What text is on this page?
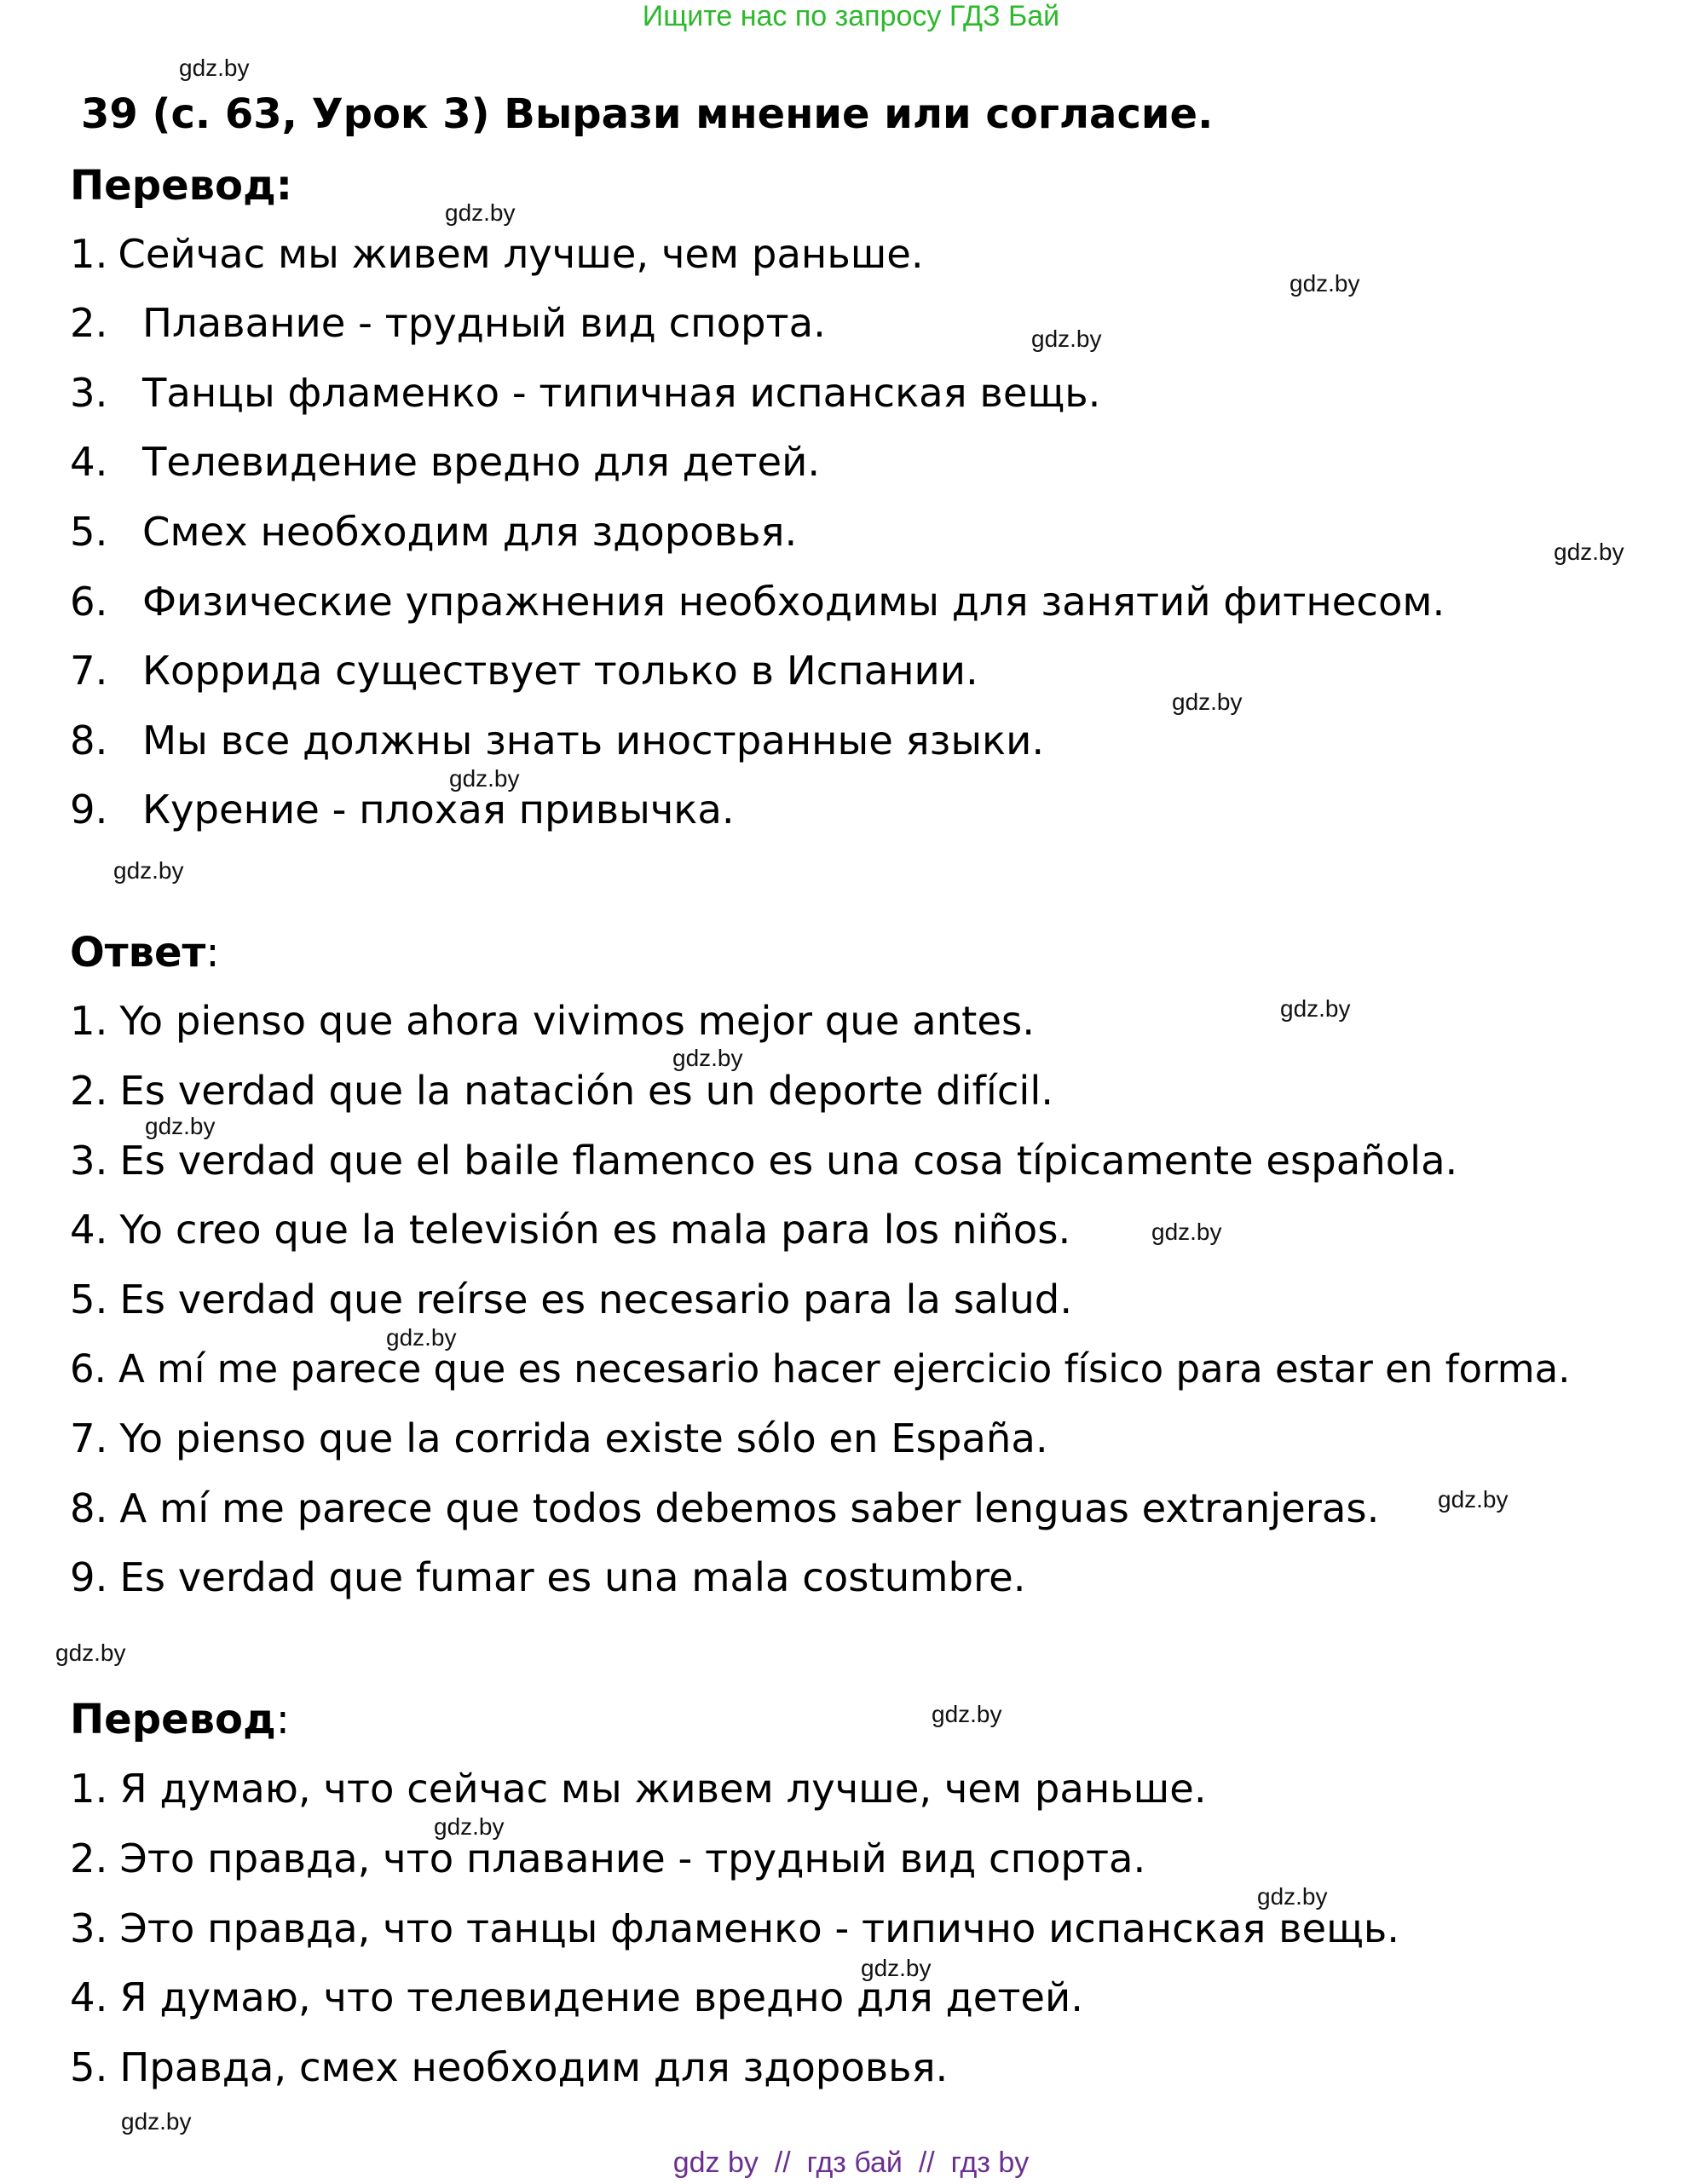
Ищите нас по запросу ГДЗ Бай
gdz.by
gdz.by
gdz.by
gdz.by
gdz.by
gdz.by
gdz.by
gdz.by
gdz.by
gdz.by
gdz.by
gdz.by
gdz.by
gdz.by
gdz.by
gdz.by
gdz.by
gdz.by
gdz.by
gdz.by
39 (с. 63, Урок 3) Вырази мнение или согласие.
Перевод:
1. Сейчас мы живем лучше, чем раньше.
2. Плавание - трудный вид спорта.
3. Танцы фламенко - типичная испанская вещь.
4. Телевидение вредно для детей.
5. Смех необходим для здоровья.
6. Физические упражнения необходимы для занятий фитнесом.
7. Коррида существует только в Испании.
8. Мы все должны знать иностранные языки.
9. Курение - плохая привычка.
Ответ:
1. Yo pienso que ahora vivimos mejor que antes.
2. Es verdad que la natación es un deporte difícil.
3. Es verdad que el baile flamenco es una cosa típicamente española.
4. Yo creo que la televisión es mala para los niños.
5. Es verdad que reírse es necesario para la salud.
6. A mí me parece que es necesario hacer ejercicio físico para estar en forma.
7. Yo pienso que la corrida existe sólo en España.
8. A mí me parece que todos debemos saber lenguas extranjeras.
9. Es verdad que fumar es una mala costumbre.
Перевод:
1. Я думаю, что сейчас мы живем лучше, чем раньше.
2. Это правда, что плавание - трудный вид спорта.
3. Это правда, что танцы фламенко - типично испанская вещь.
4. Я думаю, что телевидение вредно для детей.
5. Правда, смех необходим для здоровья.
gdz by  //  гдз бай  //  гдз by
